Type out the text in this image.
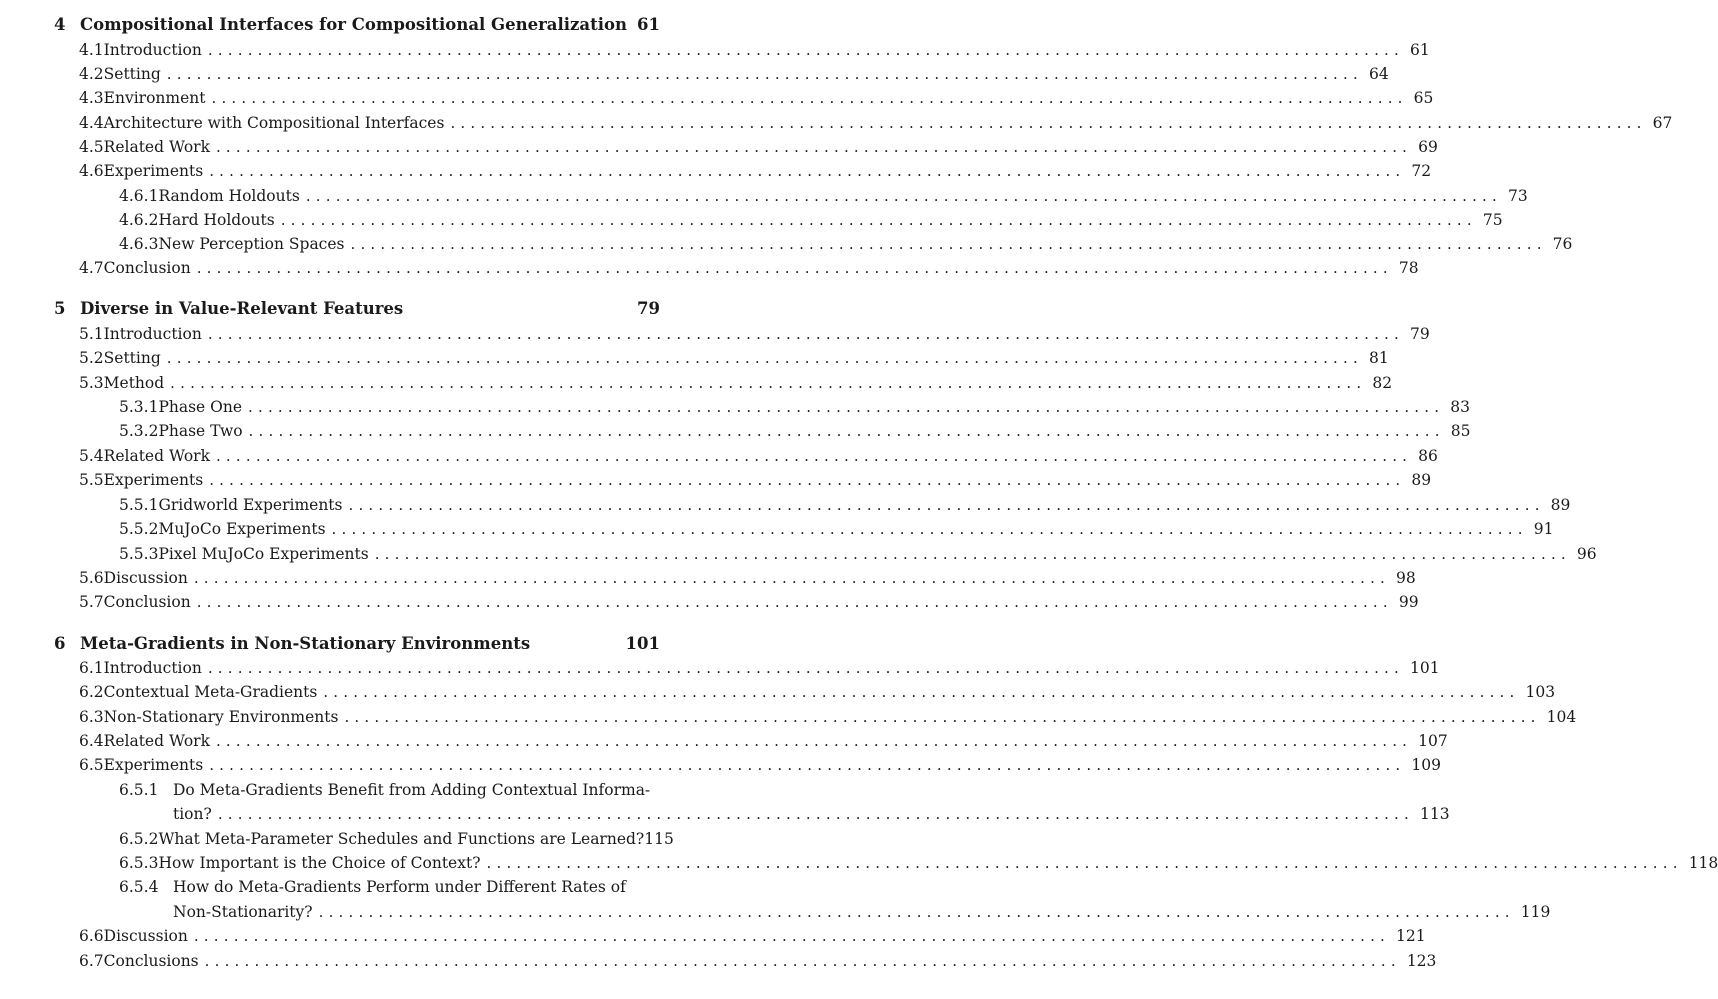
4 Compositional Interfaces for Compositional Generalization 61
4.1 Introduction ........................................................................................................................ 61
4.2 Setting ........................................................................................................................ 64
4.3 Environment ........................................................................................................................ 65
4.4 Architecture with Compositional Interfaces ........................................................................................................................ 67
4.5 Related Work ........................................................................................................................ 69
4.6 Experiments ........................................................................................................................ 72
4.6.1 Random Holdouts ........................................................................................................................ 73
4.6.2 Hard Holdouts ........................................................................................................................ 75
4.6.3 New Perception Spaces ........................................................................................................................ 76
4.7 Conclusion ........................................................................................................................ 78
5 Diverse in Value-Relevant Features	79
5.1 Introduction ........................................................................................................................ 79
5.2 Setting ........................................................................................................................ 81
5.3 Method ........................................................................................................................ 82
5.3.1 Phase One ........................................................................................................................ 83
5.3.2 Phase Two ........................................................................................................................ 85
5.4 Related Work ........................................................................................................................ 86
5.5 Experiments ........................................................................................................................ 89
5.5.1 Gridworld Experiments ........................................................................................................................ 89
5.5.2 MuJoCo Experiments ........................................................................................................................ 91
5.5.3 Pixel MuJoCo Experiments ........................................................................................................................ 96
5.6 Discussion ........................................................................................................................ 98
5.7 Conclusion ........................................................................................................................ 99
6 Meta-Gradients in Non-Stationary Environments	101
6.1 Introduction ........................................................................................................................ 101
6.2 Contextual Meta-Gradients ........................................................................................................................ 103
6.3 Non-Stationary Environments ........................................................................................................................ 104
6.4 Related Work ........................................................................................................................ 107
6.5 Experiments ........................................................................................................................ 109
6.5.1 Do Meta-Gradients Benefit from Adding Contextual Informa-
tion? ........................................................................................................................ 113
6.5.2 What Meta-Parameter Schedules and Functions are Learned? 115
6.5.3 How Important is the Choice of Context? ........................................................................................................................ 118
6.5.4 How do Meta-Gradients Perform under Different Rates of
Non-Stationarity? ........................................................................................................................ 119
6.6 Discussion ........................................................................................................................ 121
6.7 Conclusions ........................................................................................................................ 123
